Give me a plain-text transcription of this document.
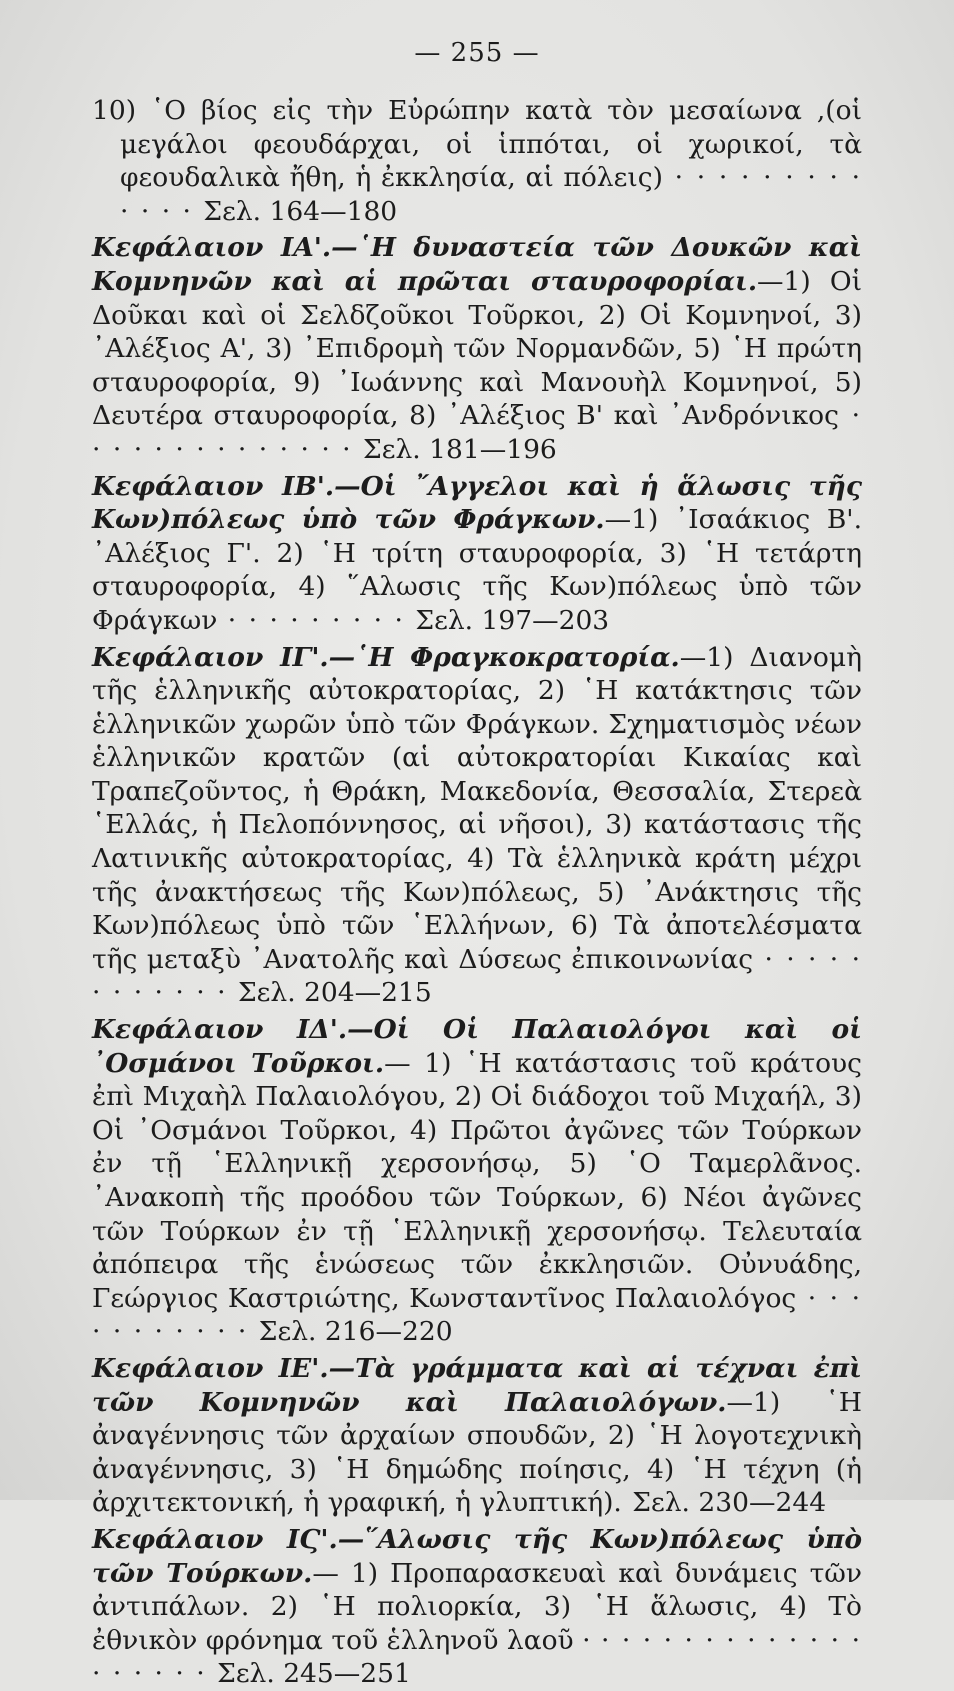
— 255 —
10) ῾Ο βίος εἰς τὴν Εὐρώπην κατὰ τὸν μεσαίωνα ,(οἱ μεγάλοι φεουδάρχαι, οἱ ἱππόται, οἱ χωρικοί, τὰ φεουδαλικὰ ἤθη, ἡ ἐκκλησία, αἱ πόλεις) · · · · · · · · · · · · · Σελ. 164—180
Κεφάλαιον ΙΑ'.—῾Η δυναστεία τῶν Δουκῶν καὶ Κομνηνῶν καὶ αἱ πρῶται σταυροφορίαι.—1) Οἱ Δοῦκαι καὶ οἱ Σελδζοῦκοι Τοῦρκοι, 2) Οἱ Κομνηνοί, 3) ᾿Αλέξιος Α', 3) ᾿Επιδρομὴ τῶν Νορμανδῶν, 5) ῾Η πρώτη σταυροφορία, 9) ᾿Ιωάννης καὶ Μανουὴλ Κομνηνοί, 5) Δευτέρα σταυροφορία, 8) ᾿Αλέξιος Β' καὶ ᾿Ανδρόνικος · · · · · · · · · · · · · · Σελ. 181—196
Κεφάλαιον ΙΒ'.—Οἱ ῎Αγγελοι καὶ ἡ ἅλωσις τῆς Κων)πόλεως ὑπὸ τῶν Φράγκων.—1) ᾿Ισαάκιος Β'. ᾿Αλέξιος Γ'. 2) ῾Η τρίτη σταυροφορία, 3) ῾Η τετάρτη σταυροφορία, 4) ῞Αλωσις τῆς Κων)πόλεως ὑπὸ τῶν Φράγκων · · · · · · · · · Σελ. 197—203
Κεφάλαιον ΙΓ'.—῾Η Φραγκοκρατορία.—1) Διανομὴ τῆς ἑλληνικῆς αὐτοκρατορίας, 2) ῾Η κατάκτησις τῶν ἑλληνικῶν χωρῶν ὑπὸ τῶν Φράγκων. Σχηματισμὸς νέων ἑλληνικῶν κρατῶν (αἱ αὐτοκρατορίαι Κικαίας καὶ Τραπεζοῦντος, ἡ Θράκη, Μακεδονία, Θεσσαλία, Στερεὰ ῾Ελλάς, ἡ Πελοπόννησος, αἱ νῆσοι), 3) κατάστασις τῆς Λατινικῆς αὐτοκρατορίας, 4) Τὰ ἑλληνικὰ κράτη μέχρι τῆς ἀνακτήσεως τῆς Κων)πόλεως, 5) ᾿Ανάκτησις τῆς Κων)πόλεως ὑπὸ τῶν ῾Ελλήνων, 6) Τὰ ἀποτελέσματα τῆς μεταξὺ ᾿Ανατολῆς καὶ Δύσεως ἐπικοινωνίας · · · · · · · · · · · · Σελ. 204—215
Κεφάλαιον ΙΔ'.—Οἱ Οἱ Παλαιολόγοι καὶ οἱ ᾿Οσμάνοι Τοῦρκοι.— 1) ῾Η κατάστασις τοῦ κράτους ἐπὶ Μιχαὴλ Παλαιολόγου, 2) Οἱ διάδοχοι τοῦ Μιχαήλ, 3) Οἱ ᾿Οσμάνοι Τοῦρκοι, 4) Πρῶτοι ἀγῶνες τῶν Τούρκων ἐν τῇ ῾Ελληνικῇ χερσονήσῳ, 5) ῾Ο Ταμερλᾶνος. ᾿Ανακοπὴ τῆς προόδου τῶν Τούρκων, 6) Νέοι ἀγῶνες τῶν Τούρκων ἐν τῇ ῾Ελληνικῇ χερσονήσῳ. Τελευταία ἀπόπειρα τῆς ἑνώσεως τῶν ἐκκλησιῶν. Οὐνυάδης, Γεώργιος Καστριώτης, Κωνσταντῖνος Παλαιολόγος · · · · · · · · · · · Σελ. 216—220
Κεφάλαιον ΙΕ'.—Τὰ γράμματα καὶ αἱ τέχναι ἐπὶ τῶν Κομνηνῶν καὶ Παλαιολόγων.—1) ῾Η ἀναγέννησις τῶν ἀρχαίων σπουδῶν, 2) ῾Η λογοτεχνικὴ ἀναγέννησις, 3) ῾Η δημώδης ποίησις, 4) ῾Η τέχνη (ἡ ἀρχιτεκτονική, ἡ γραφική, ἡ γλυπτική). Σελ. 230—244
Κεφάλαιον ΙϚ'.—῞Αλωσις τῆς Κων)πόλεως ὑπὸ τῶν Τούρκων.— 1) Προπαρασκευαὶ καὶ δυνάμεις τῶν ἀντιπάλων. 2) ῾Η πολιορκία, 3) ῾Η ἅλωσις, 4) Τὸ ἐθνικὸν φρόνημα τοῦ ἑλληνοῦ λαοῦ · · · · · · · · · · · · · · · · · · · · Σελ. 245—251
